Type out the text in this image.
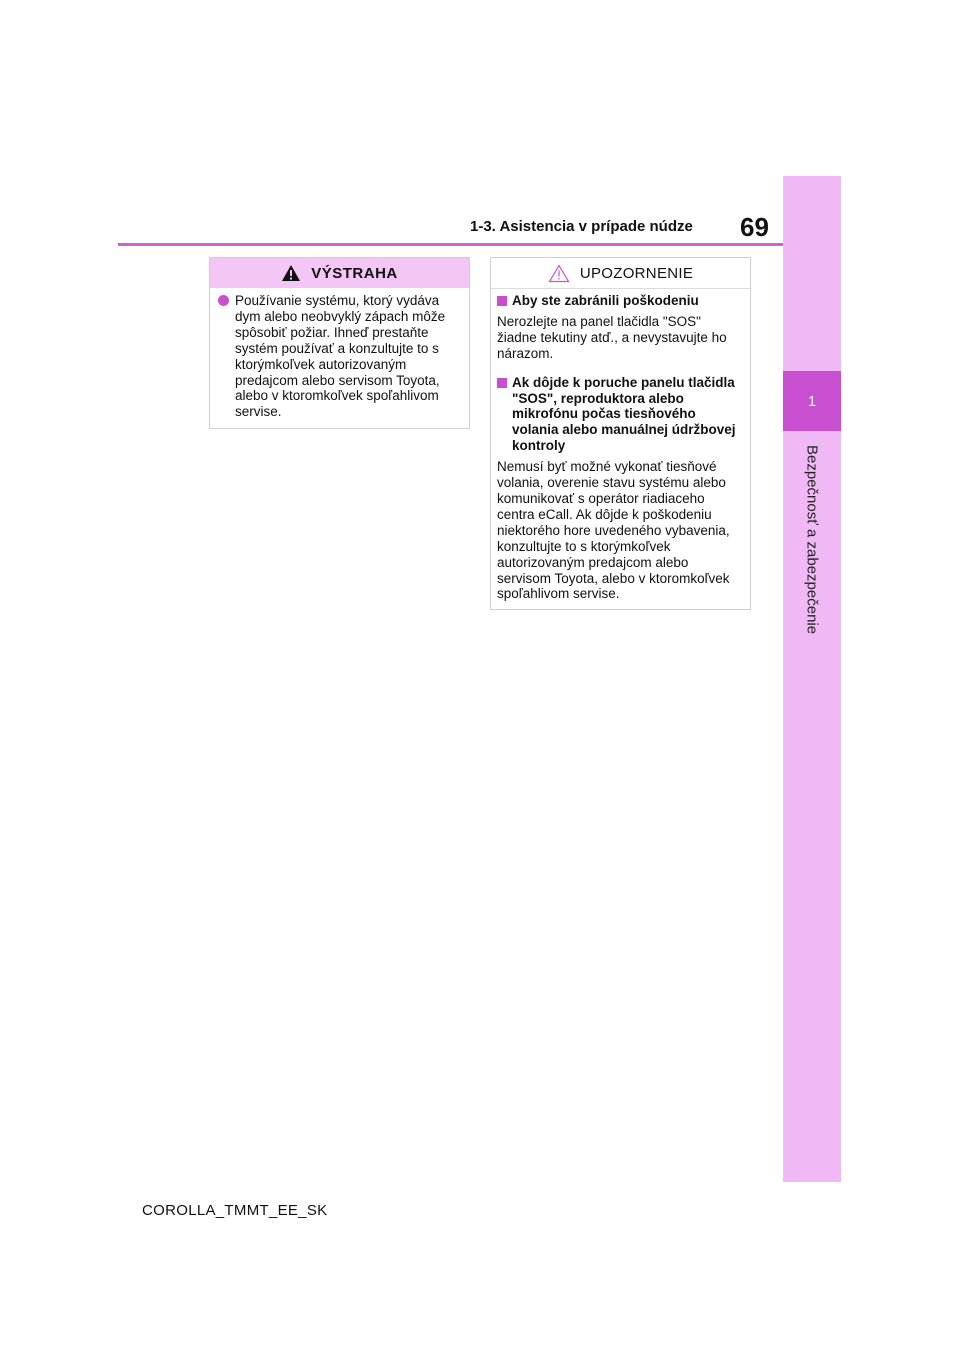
1
Bezpečnosť a zabezpečenie
1-3. Asistencia v prípade núdze 69
VÝSTRAHA
Používanie systému, ktorý vydáva dym alebo neobvyklý zápach môže spôsobiť požiar. Ihneď prestaňte systém používať a konzultujte to s ktorýmkoľvek autorizovaným predajcom alebo servisom Toyota, alebo v ktoromkoľvek spoľahlivom servise.
UPOZORNENIE
Aby ste zabránili poškodeniu
Nerozlejte na panel tlačidla "SOS" žiadne tekutiny atď., a nevystavujte ho nárazom.
Ak dôjde k poruche panelu tlačidla "SOS", reproduktora alebo mikrofónu počas tiesňového volania alebo manuálnej údržbovej kontroly
Nemusí byť možné vykonať tiesňové volania, overenie stavu systému alebo komunikovať s operátor riadiaceho centra eCall. Ak dôjde k poškodeniu niektorého hore uvedeného vybavenia, konzultujte to s ktorýmkoľvek autorizovaným predajcom alebo servisom Toyota, alebo v ktoromkoľvek spoľahlivom servise.
COROLLA_TMMT_EE_SK
